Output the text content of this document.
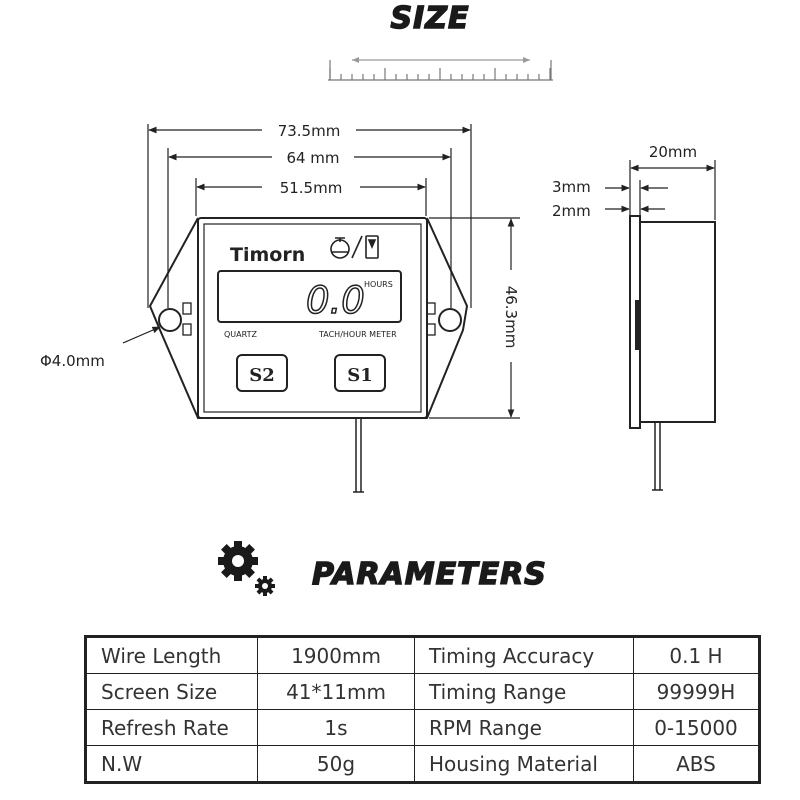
SIZE
Timorn
0.0 HOURS
QUARTZ	TACH/HOUR METER
S2	S1
73.5mm
64 mm
51.5mm
46.3mm
Φ4.0mm
20mm
3mm
2mm
PARAMETERS
Wire Length	1900mm	Timing Accuracy	0.1 H
Screen Size	41*11mm	Timing Range	99999H
Refresh Rate	1s	RPM Range	0-15000
N.W	50g	Housing Material	ABS
